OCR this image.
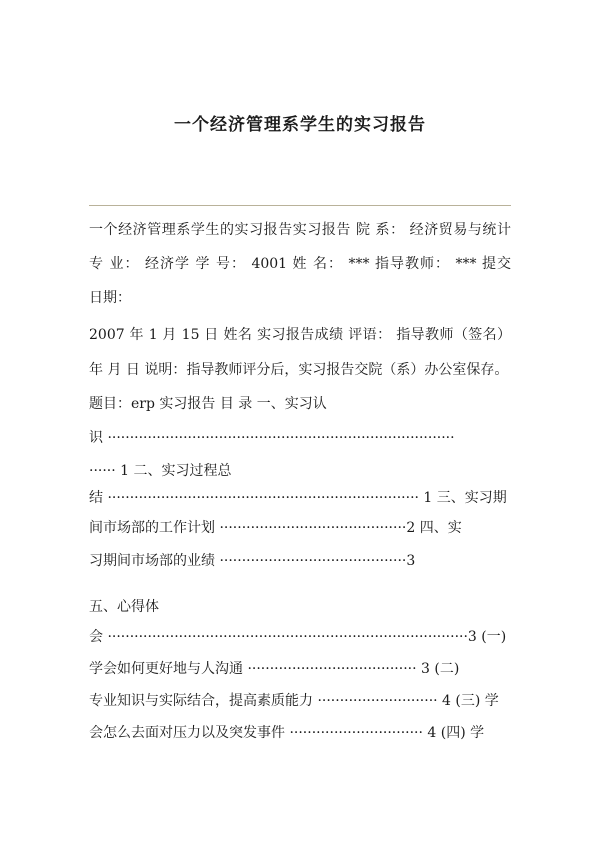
一个经济管理系学生的实习报告
一个经济管理系学生的实习报告实习报告 院 系： 经济贸易与统计
专 业： 经济学 学 号： 4001 姓 名： *** 指导教师： *** 提交
日期：
2007 年 1 月 15 日 姓名 实习报告成绩 评语： 指导教师（签名）
年 月 日 说明：指导教师评分后，实习报告交院（系）办公室保存。
题目：erp 实习报告 目 录 一、实习认
识 ··············································································
······ 1 二、实习过程总
结 ······································································ 1 三、实习期
间市场部的工作计划 ··········································2 四、实
习期间市场部的业绩 ··········································3
五、心得体
会 ·················································································3 (一)
学会如何更好地与人沟通 ······································ 3 (二)
专业知识与实际结合，提高素质能力 ··························· 4 (三) 学
会怎么去面对压力以及突发事件 ······························ 4 (四) 学
